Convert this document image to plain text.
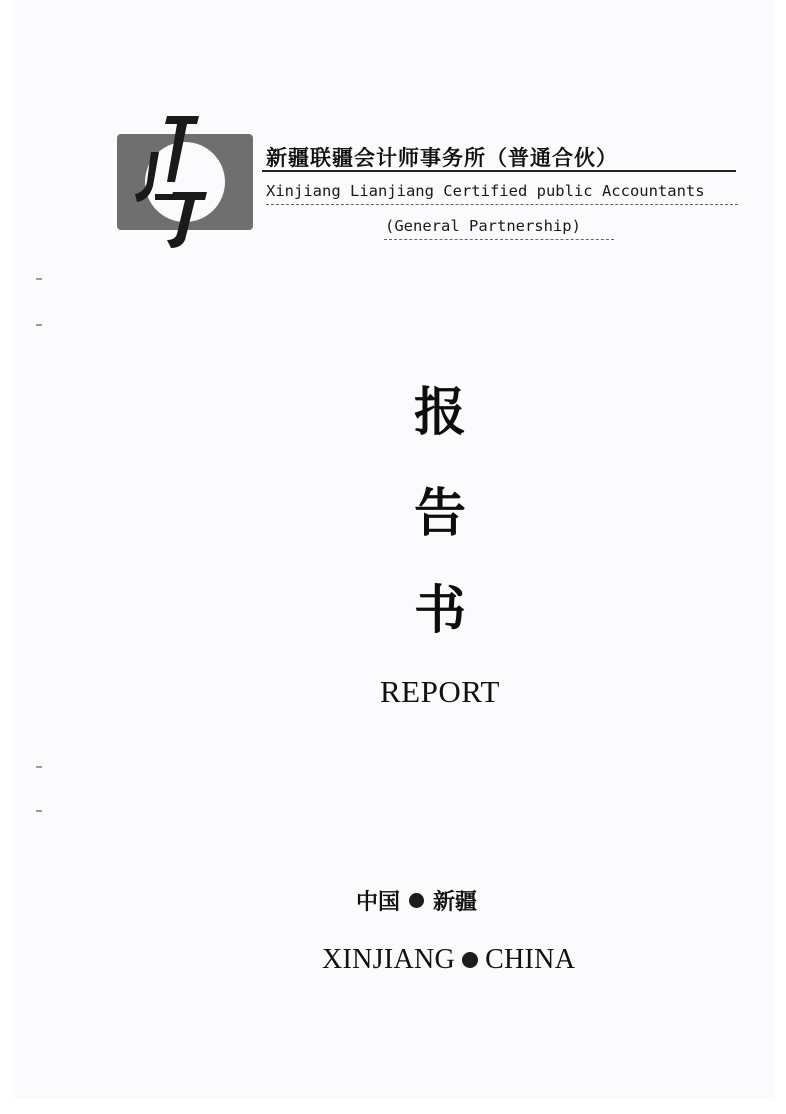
新疆联疆会计师事务所（普通合伙）
Xinjiang Lianjiang Certified public Accountants
(General Partnership)
报
告
书
REPORT
中国 新疆
XINJIANG CHINA
